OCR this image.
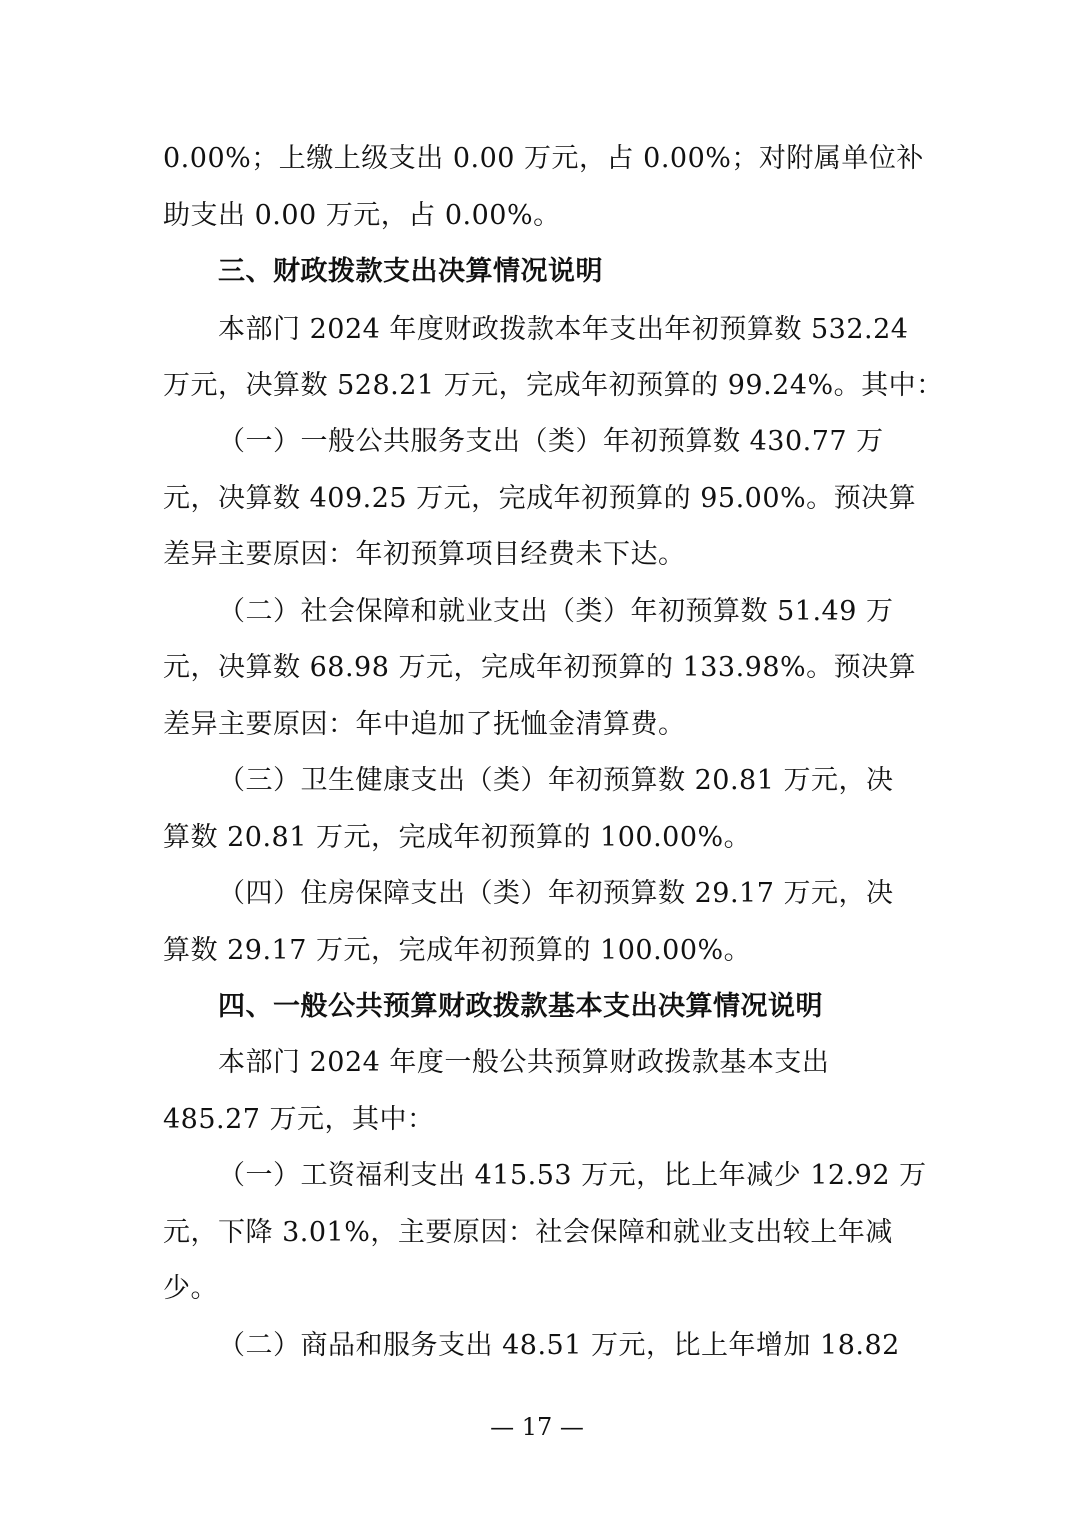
0.00%；上缴上级支出 0.00 万元，占 0.00%；对附属单位补

助支出 0.00 万元，占 0.00%。

三、财政拨款支出决算情况说明

本部门 2024 年度财政拨款本年支出年初预算数 532.24

万元，决算数 528.21 万元，完成年初预算的 99.24%。其中：

（一）一般公共服务支出（类）年初预算数 430.77 万

元，决算数 409.25 万元，完成年初预算的 95.00%。预决算

差异主要原因：年初预算项目经费未下达。

（二）社会保障和就业支出（类）年初预算数 51.49 万

元，决算数 68.98 万元，完成年初预算的 133.98%。预决算

差异主要原因：年中追加了抚恤金清算费。

（三）卫生健康支出（类）年初预算数 20.81 万元，决

算数 20.81 万元，完成年初预算的 100.00%。

（四）住房保障支出（类）年初预算数 29.17 万元，决

算数 29.17 万元，完成年初预算的 100.00%。

四、一般公共预算财政拨款基本支出决算情况说明

本部门 2024 年度一般公共预算财政拨款基本支出

485.27 万元，其中：

（一）工资福利支出 415.53 万元，比上年减少 12.92 万

元，下降 3.01%，主要原因：社会保障和就业支出较上年减

少。

（二）商品和服务支出 48.51 万元，比上年增加 18.82

— 17 —
